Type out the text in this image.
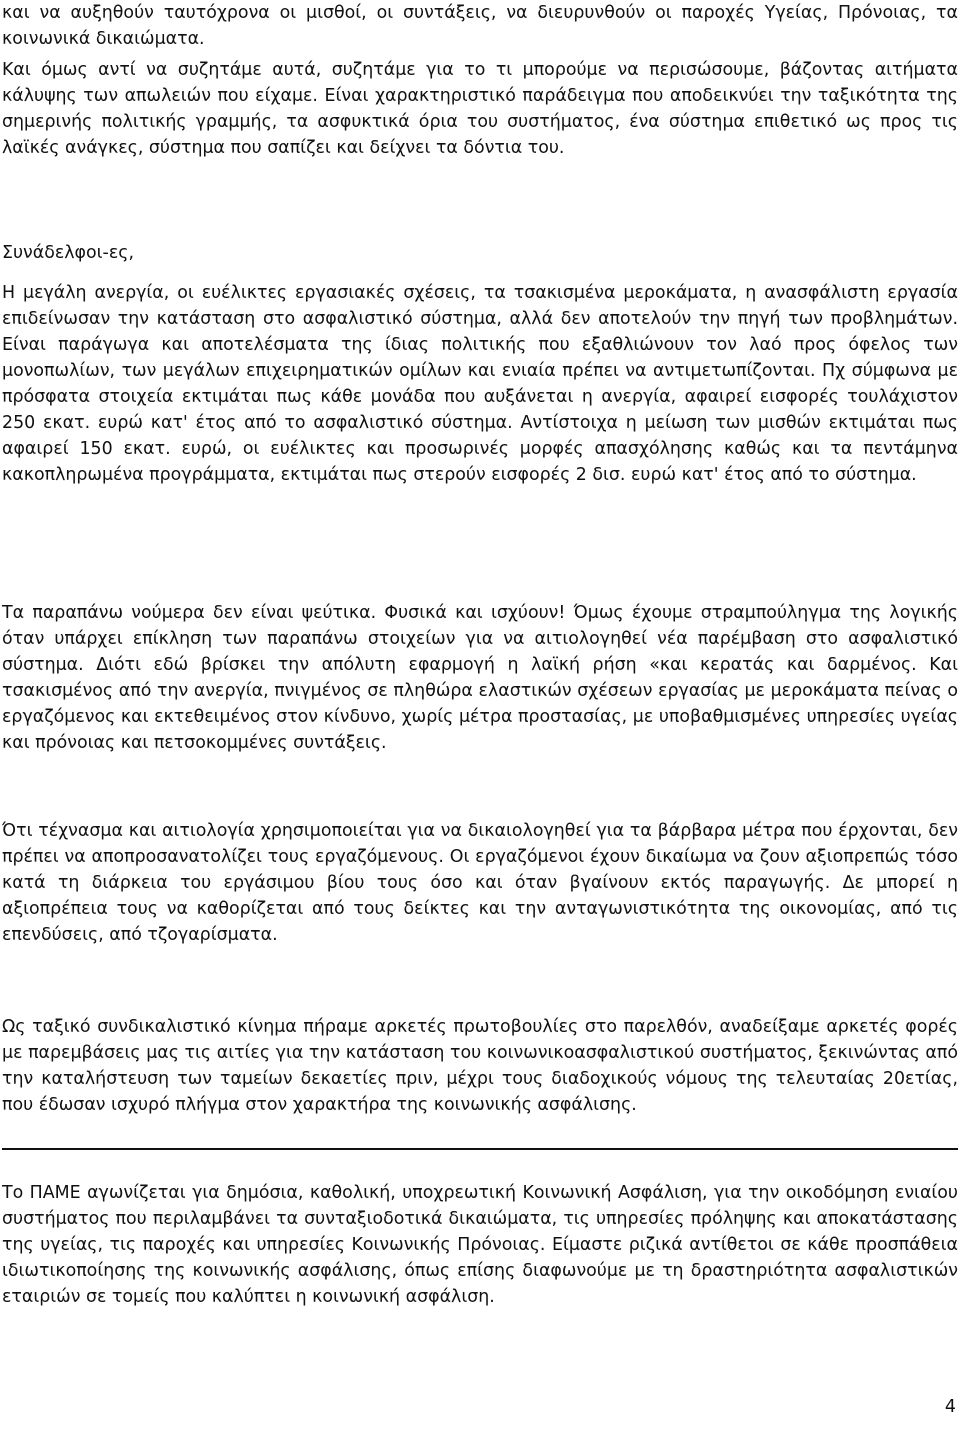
και να αυξηθούν ταυτόχρονα οι μισθοί, οι συντάξεις, να διευρυνθούν οι παροχές Υγείας, Πρόνοιας, τα κοινωνικά δικαιώματα.

Και όμως αντί να συζητάμε αυτά, συζητάμε για το τι μπορούμε να περισώσουμε, βάζοντας αιτήματα κάλυψης των απωλειών που είχαμε. Είναι χαρακτηριστικό παράδειγμα που αποδεικνύει την ταξικότητα της σημερινής πολιτικής γραμμής, τα ασφυκτικά όρια του συστήματος, ένα σύστημα επιθετικό ως προς τις λαϊκές ανάγκες, σύστημα που σαπίζει και δείχνει τα δόντια του.

Συνάδελφοι-ες,

Η μεγάλη ανεργία, οι ευέλικτες εργασιακές σχέσεις, τα τσακισμένα μεροκάματα, η ανασφάλιστη εργασία επιδείνωσαν την κατάσταση στο ασφαλιστικό σύστημα, αλλά δεν αποτελούν την πηγή των προβλημάτων. Είναι παράγωγα και αποτελέσματα της ίδιας πολιτικής που εξαθλιώνουν τον λαό προς όφελος των μονοπωλίων, των μεγάλων επιχειρηματικών ομίλων και ενιαία πρέπει να αντιμετωπίζονται. Πχ σύμφωνα με πρόσφατα στοιχεία εκτιμάται πως κάθε μονάδα που αυξάνεται η ανεργία, αφαιρεί εισφορές τουλάχιστον 250 εκατ. ευρώ κατ' έτος από το ασφαλιστικό σύστημα. Αντίστοιχα η μείωση των μισθών εκτιμάται πως αφαιρεί 150 εκατ. ευρώ, οι ευέλικτες και προσωρινές μορφές απασχόλησης καθώς και τα πεντάμηνα κακοπληρωμένα προγράμματα, εκτιμάται πως στερούν εισφορές 2 δισ. ευρώ κατ' έτος από το σύστημα.

Τα παραπάνω νούμερα δεν είναι ψεύτικα. Φυσικά και ισχύουν! Όμως έχουμε στραμπούληγμα της λογικής όταν υπάρχει επίκληση των παραπάνω στοιχείων για να αιτιολογηθεί νέα παρέμβαση στο ασφαλιστικό σύστημα. Διότι εδώ βρίσκει την απόλυτη εφαρμογή η λαϊκή ρήση «και κερατάς και δαρμένος. Και τσακισμένος από την ανεργία, πνιγμένος σε πληθώρα ελαστικών σχέσεων εργασίας με μεροκάματα πείνας ο εργαζόμενος και εκτεθειμένος στον κίνδυνο, χωρίς μέτρα προστασίας, με υποβαθμισμένες υπηρεσίες υγείας και πρόνοιας και πετσοκομμένες συντάξεις.

Ότι τέχνασμα και αιτιολογία χρησιμοποιείται για να δικαιολογηθεί για τα βάρβαρα μέτρα που έρχονται, δεν πρέπει να αποπροσανατολίζει τους εργαζόμενους. Οι εργαζόμενοι έχουν δικαίωμα να ζουν αξιοπρεπώς τόσο κατά τη διάρκεια του εργάσιμου βίου τους όσο και όταν βγαίνουν εκτός παραγωγής. Δε μπορεί η αξιοπρέπεια τους να καθορίζεται από τους δείκτες και την ανταγωνιστικότητα της οικονομίας, από τις επενδύσεις, από τζογαρίσματα.

Ως ταξικό συνδικαλιστικό κίνημα πήραμε αρκετές πρωτοβουλίες στο παρελθόν, αναδείξαμε αρκετές φορές με παρεμβάσεις μας τις αιτίες για την κατάσταση του κοινωνικοασφαλιστικού συστήματος, ξεκινώντας από την καταλήστευση των ταμείων δεκαετίες πριν, μέχρι τους διαδοχικούς νόμους της τελευταίας 20ετίας, που έδωσαν ισχυρό πλήγμα στον χαρακτήρα της κοινωνικής ασφάλισης.

Το ΠΑΜΕ αγωνίζεται για δημόσια, καθολική, υποχρεωτική Κοινωνική Ασφάλιση, για την οικοδόμηση ενιαίου συστήματος που περιλαμβάνει τα συνταξιοδοτικά δικαιώματα, τις υπηρεσίες πρόληψης και αποκατάστασης της υγείας, τις παροχές και υπηρεσίες Κοινωνικής Πρόνοιας. Είμαστε ριζικά αντίθετοι σε κάθε προσπάθεια ιδιωτικοποίησης της κοινωνικής ασφάλισης, όπως επίσης διαφωνούμε με τη δραστηριότητα ασφαλιστικών εταιριών σε τομείς που καλύπτει η κοινωνική ασφάλιση.

4
